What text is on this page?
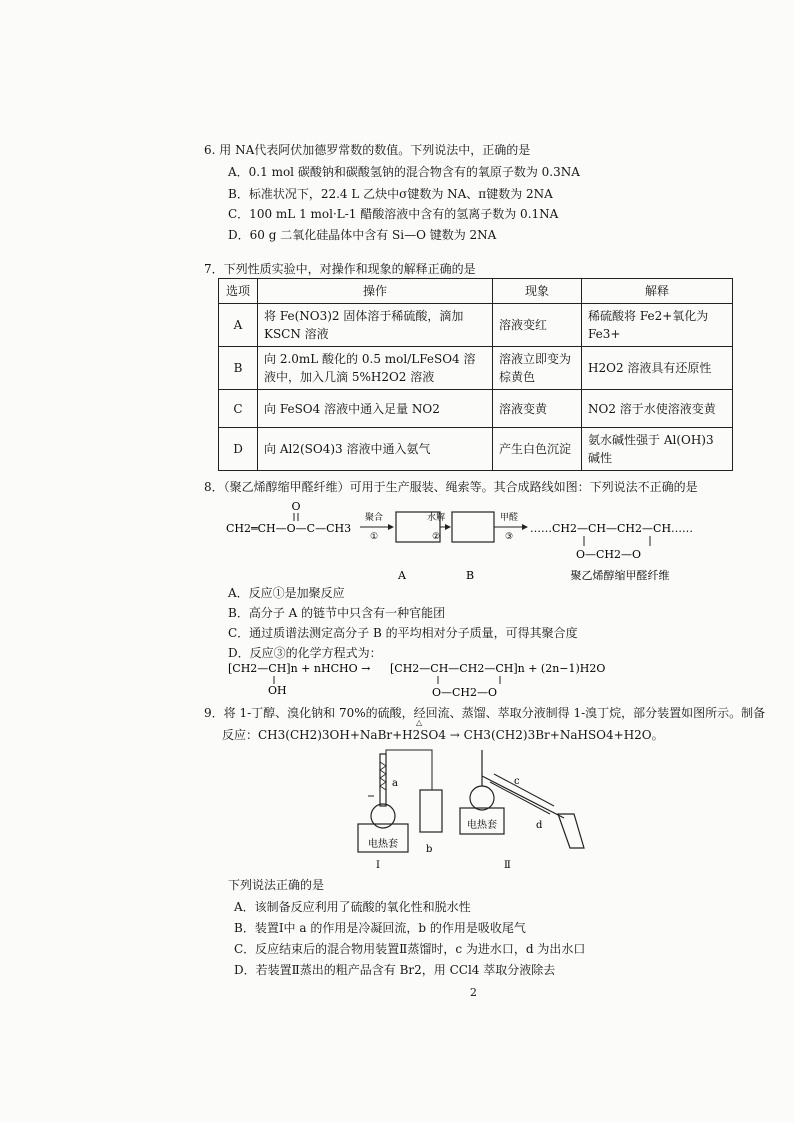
6. 用 NA代表阿伏加德罗常数的数值。下列说法中，正确的是
A．0.1 mol 碳酸钠和碳酸氢钠的混合物含有的氧原子数为 0.3NA
B．标准状况下，22.4 L 乙炔中σ键数为 NA、π键数为 2NA
C．100 mL 1 mol·L-1 醋酸溶液中含有的氢离子数为 0.1NA
D．60 g 二氧化硅晶体中含有 Si—O 键数为 2NA
7．下列性质实验中，对操作和现象的解释正确的是
选项	操作	现象	解释
A	将 Fe(NO3)2 固体溶于稀硫酸，滴加 KSCN 溶液	溶液变红	稀硫酸将 Fe2+氧化为 Fe3+
B	向 2.0mL 酸化的 0.5 mol/LFeSO4 溶液中，加入几滴 5%H2O2 溶液	溶液立即变为棕黄色	H2O2 溶液具有还原性
C	向 FeSO4 溶液中通入足量 NO2	溶液变黄	NO2 溶于水使溶液变黄
D	向 Al2(SO4)3 溶液中通入氨气	产生白色沉淀	氨水碱性强于 Al(OH)3 碱性
8．（聚乙烯醇缩甲醛纤维）可用于生产服装、绳索等。其合成路线如图：下列说法不正确的是
O
CH2═CH—O—C—CH3
聚合
①
水解
②
甲醛
③
……CH2—CH—CH2—CH……
O—CH2—O
A	B	聚乙烯醇缩甲醛纤维
A．反应①是加聚反应
B．高分子 A 的链节中只含有一种官能团
C．通过质谱法测定高分子 B 的平均相对分子质量，可得其聚合度
D．反应③的化学方程式为：
[CH2—CH]n + nHCHO →
OH
[CH2—CH—CH2—CH]n + (2n−1)H2O
O—CH2—O
9．将 1-丁醇、溴化钠和 70%的硫酸，经回流、蒸馏、萃取分液制得 1-溴丁烷，部分装置如图所示。制备
反应：CH3(CH2)3OH+NaBr+H2SO4 → CH3(CH2)3Br+NaHSO4+H2O。
△
电热套
a
b
Ⅰ
电热套
c
d
Ⅱ
下列说法正确的是
A．该制备反应利用了硫酸的氧化性和脱水性
B．装置Ⅰ中 a 的作用是冷凝回流，b 的作用是吸收尾气
C．反应结束后的混合物用装置Ⅱ蒸馏时，c 为进水口，d 为出水口
D．若装置Ⅱ蒸出的粗产品含有 Br2，用 CCl4 萃取分液除去
2
